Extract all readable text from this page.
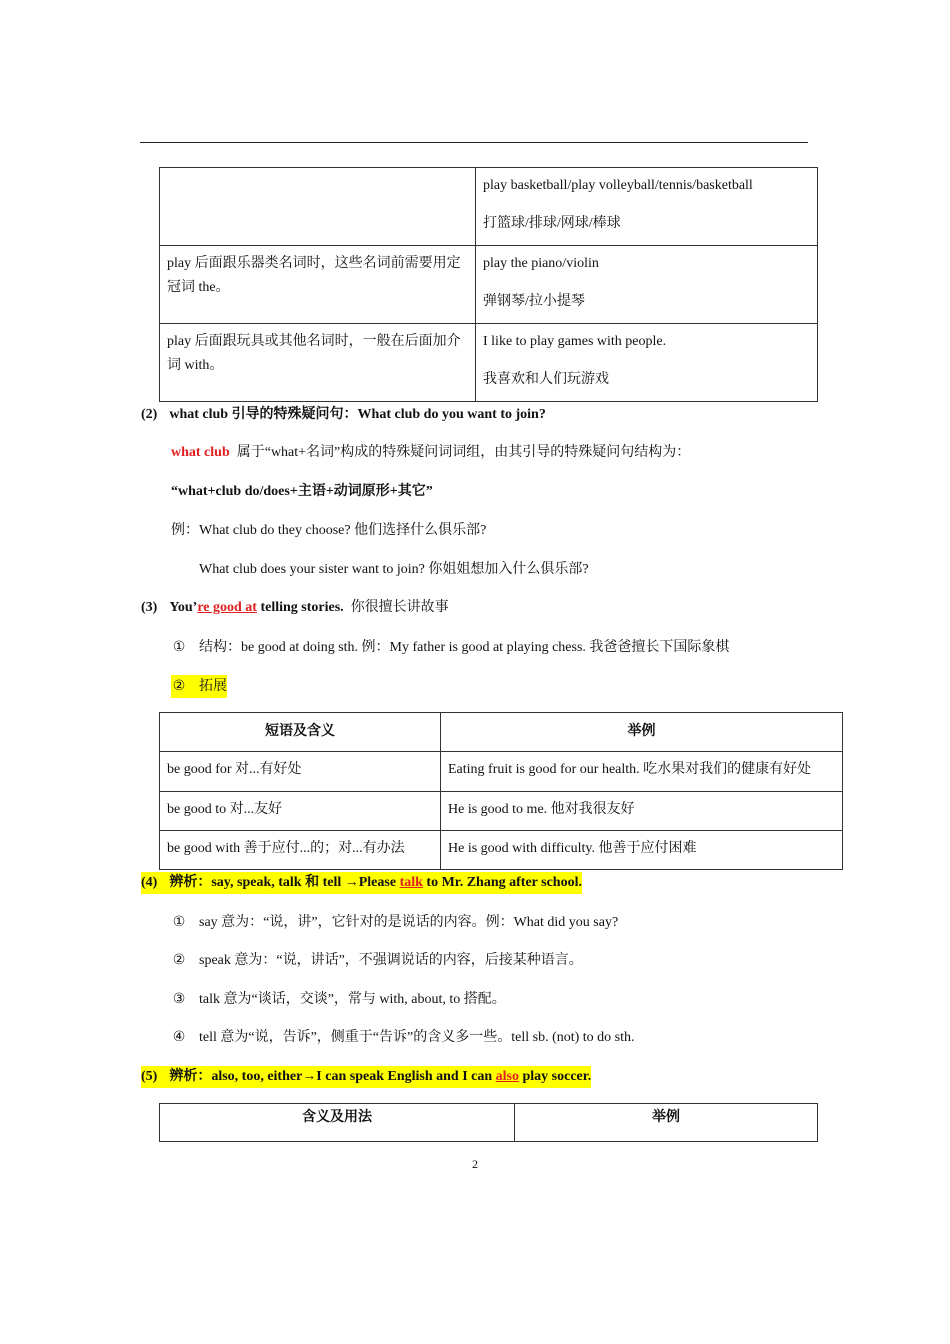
	play basketball/play volleyball/tennis/basketball
打篮球/排球/网球/棒球

play 后面跟乐器类名词时，这些名词前需要用定冠词 the。	play the piano/violin
弹钢琴/拉小提琴

play 后面跟玩具或其他名词时，一般在后面加介词 with。	I like to play games with people.
我喜欢和人们玩游戏
(2) what club 引导的特殊疑问句：What club do you want to join?
what club 属于“what+名词”构成的特殊疑问词词组，由其引导的特殊疑问句结构为：
“what+club do/does+主语+动词原形+其它”
例：What club do they choose? 他们选择什么俱乐部?
What club does your sister want to join? 你姐姐想加入什么俱乐部?
(3) You’re good at telling stories. 你很擅长讲故事
① 结构：be good at doing sth. 例：My father is good at playing chess. 我爸爸擅长下国际象棋
② 拓展
短语及含义	举例
be good for 对...有好处	Eating fruit is good for our health. 吃水果对我们的健康有好处
be good to 对...友好	He is good to me. 他对我很友好
be good with 善于应付...的；对...有办法	He is good with difficulty. 他善于应付困难
(4) 辨析：say, speak, talk 和 tell →Please talk to Mr. Zhang after school.
① say 意为：“说，讲”，它针对的是说话的内容。例：What did you say?
② speak 意为：“说，讲话”，不强调说话的内容，后接某种语言。
③ talk 意为“谈话，交谈”，常与 with, about, to 搭配。
④ tell 意为“说，告诉”，侧重于“告诉”的含义多一些。tell sb. (not) to do sth.
(5) 辨析：also, too, either→I can speak English and I can also play soccer.
含义及用法	举例
2
